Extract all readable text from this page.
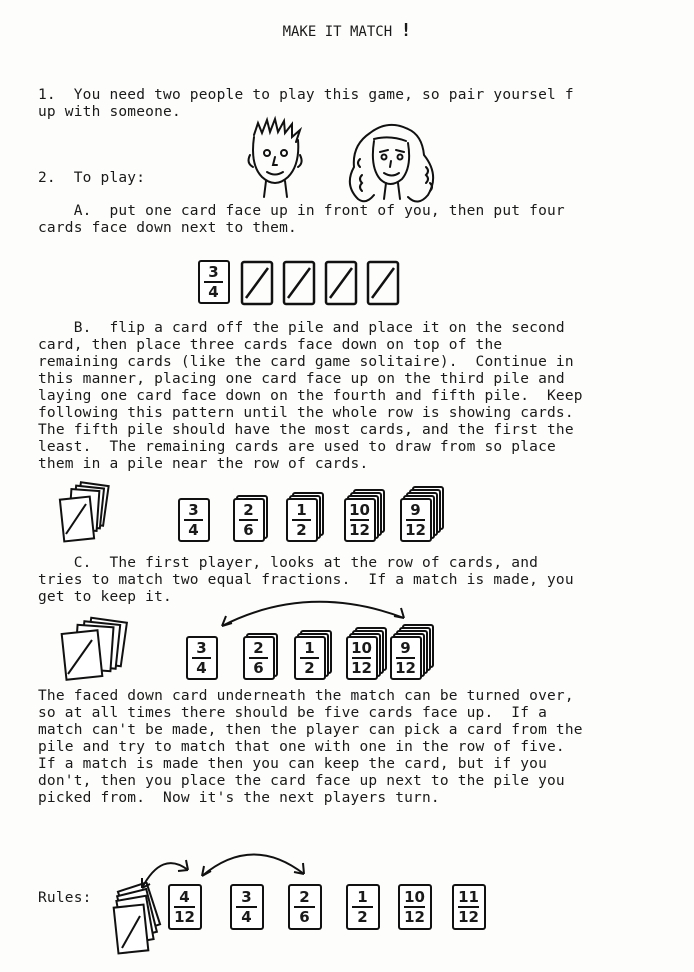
MAKE IT MATCH !
1.  You need two people to play this game, so pair yoursel f
up with someone.
2.  To play:
A.  put one card face up in front of you, then put four
cards face down next to them.
3
4
B.  flip a card off the pile and place it on the second
card, then place three cards face down on top of the
remaining cards (like the card game solitaire).  Continue in
this manner, placing one card face up on the third pile and
laying one card face down on the fourth and fifth pile.  Keep
following this pattern until the whole row is showing cards.
The fifth pile should have the most cards, and the first the
least.  The remaining cards are used to draw from so place
them in a pile near the row of cards.
3
4
2
6
1
2
10
12
9
12
C.  The first player, looks at the row of cards, and
tries to match two equal fractions.  If a match is made, you
get to keep it.
3
4
2
6
1
2
10
12
9
12
The faced down card underneath the match can be turned over,
so at all times there should be five cards face up.  If a
match can't be made, then the player can pick a card from the
pile and try to match that one with one in the row of five.
If a match is made then you can keep the card, but if you
don't, then you place the card face up next to the pile you
picked from.  Now it's the next players turn.
Rules:	4
12
3
4
2
6
1
2
10
12
11
12
